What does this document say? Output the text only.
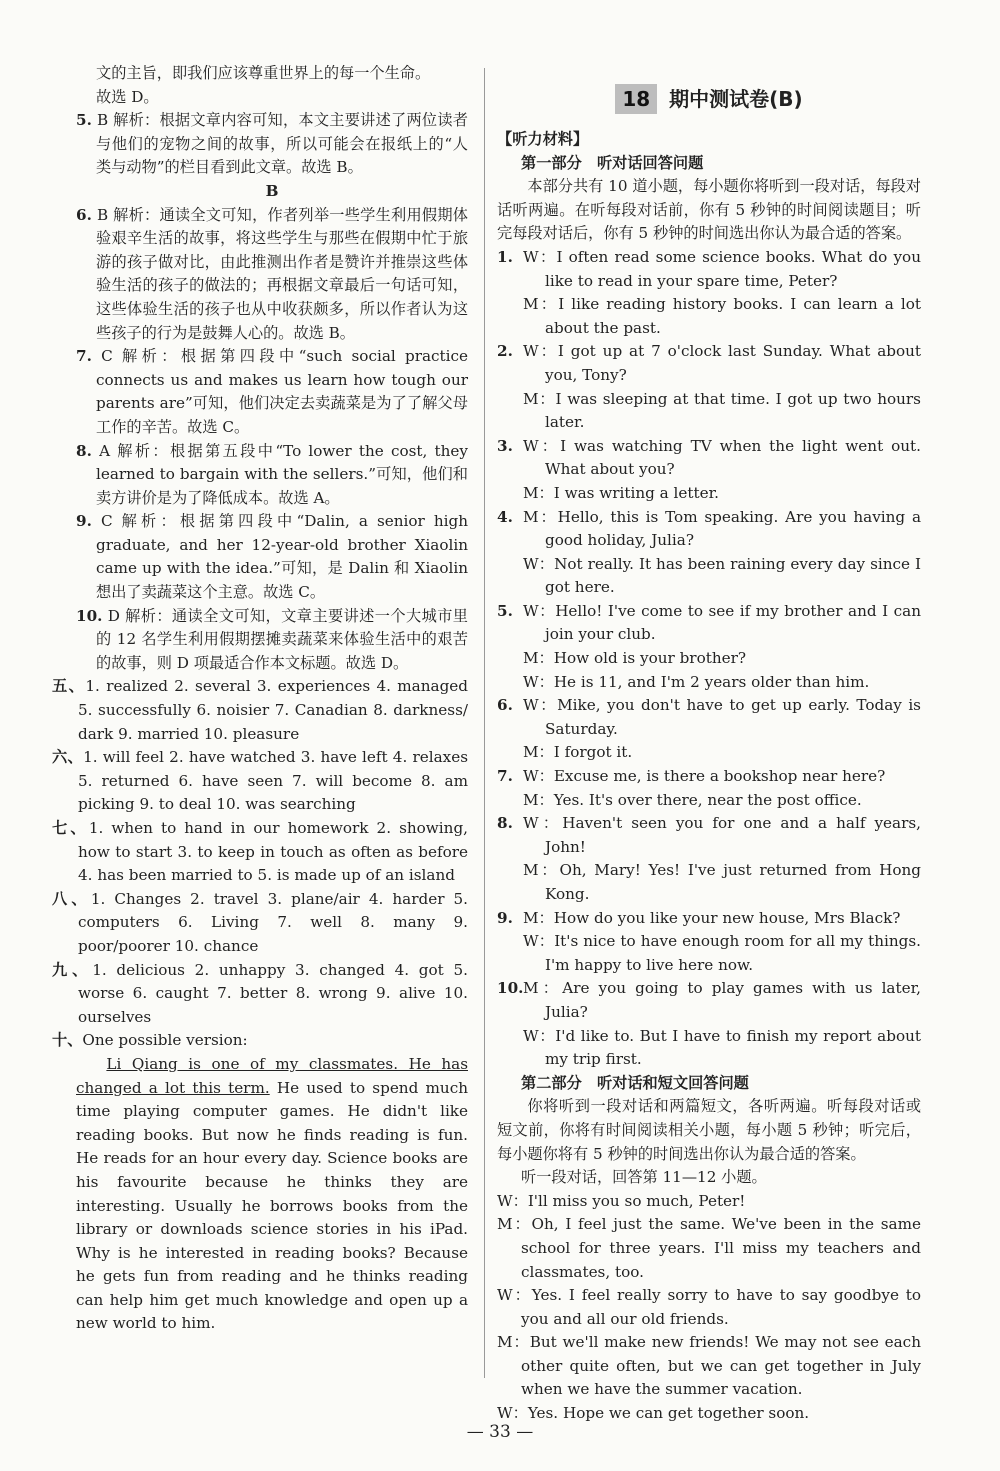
文的主旨，即我们应该尊重世界上的每一个生命。

故选 D。

5. B 解析：根据文章内容可知，本文主要讲述了两位读者与他们的宠物之间的故事，所以可能会在报纸上的“人类与动物”的栏目看到此文章。故选 B。

B

6. B 解析：通读全文可知，作者列举一些学生利用假期体验艰辛生活的故事，将这些学生与那些在假期中忙于旅游的孩子做对比，由此推测出作者是赞许并推崇这些体验生活的孩子的做法的；再根据文章最后一句话可知，这些体验生活的孩子也从中收获颇多，所以作者认为这些孩子的行为是鼓舞人心的。故选 B。

7. C 解析：根据第四段中“such social practice connects us and makes us learn how tough our parents are”可知，他们决定去卖蔬菜是为了了解父母工作的辛苦。故选 C。

8. A 解析：根据第五段中“To lower the cost, they learned to bargain with the sellers.”可知，他们和卖方讲价是为了降低成本。故选 A。

9. C 解析：根据第四段中“Dalin, a senior high graduate, and her 12-year-old brother Xiaolin came up with the idea.”可知，是 Dalin 和 Xiaolin 想出了卖蔬菜这个主意。故选 C。

10. D 解析：通读全文可知，文章主要讲述一个大城市里的 12 名学生利用假期摆摊卖蔬菜来体验生活中的艰苦的故事，则 D 项最适合作本文标题。故选 D。

五、1. realized 2. several 3. experiences 4. managed 5. successfully 6. noisier 7. Canadian 8. darkness/ dark 9. married 10. pleasure

六、1. will feel 2. have watched 3. have left 4. relaxes 5. returned 6. have seen 7. will become 8. am picking 9. to deal 10. was searching

七、1. when to hand in our homework 2. showing, how to start 3. to keep in touch as often as before 4. has been married to 5. is made up of an island

八、1. Changes 2. travel 3. plane/air 4. harder 5. computers 6. Living 7. well 8. many 9. poor/poorer 10. chance

九、1. delicious 2. unhappy 3. changed 4. got 5. worse 6. caught 7. better 8. wrong 9. alive 10. ourselves

十、One possible version:

Li Qiang is one of my classmates. He has changed a lot this term. He used to spend much time playing computer games. He didn't like reading books. But now he finds reading is fun. He reads for an hour every day. Science books are his favourite because he thinks they are interesting. Usually he borrows books from the library or downloads science stories in his iPad. Why is he interested in reading books? Because he gets fun from reading and he thinks reading can help him get much knowledge and open up a new world to him.

18 期中测试卷(B)

【听力材料】

第一部分　听对话回答问题

本部分共有 10 道小题，每小题你将听到一段对话，每段对话听两遍。在听每段对话前，你有 5 秒钟的时间阅读题目；听完每段对话后，你有 5 秒钟的时间选出你认为最合适的答案。

1. W：I often read some science books. What do you like to read in your spare time, Peter?

M：I like reading history books. I can learn a lot about the past.

2. W：I got up at 7 o'clock last Sunday. What about you, Tony?

M：I was sleeping at that time. I got up two hours later.

3. W：I was watching TV when the light went out. What about you?

M：I was writing a letter.

4. M：Hello, this is Tom speaking. Are you having a good holiday, Julia?

W：Not really. It has been raining every day since I got here.

5. W：Hello! I've come to see if my brother and I can join your club.

M：How old is your brother?

W：He is 11, and I'm 2 years older than him.

6. W：Mike, you don't have to get up early. Today is Saturday.

M：I forgot it.

7. W：Excuse me, is there a bookshop near here?

M：Yes. It's over there, near the post office.

8. W：Haven't seen you for one and a half years, John!

M：Oh, Mary! Yes! I've just returned from Hong Kong.

9. M：How do you like your new house, Mrs Black?

W：It's nice to have enough room for all my things. I'm happy to live here now.

10.M：Are you going to play games with us later, Julia?

W：I'd like to. But I have to finish my report about my trip first.

第二部分　听对话和短文回答问题

你将听到一段对话和两篇短文，各听两遍。听每段对话或短文前，你将有时间阅读相关小题，每小题 5 秒钟；听完后，每小题你将有 5 秒钟的时间选出你认为最合适的答案。

听一段对话，回答第 11—12 小题。

W：I'll miss you so much, Peter!

M：Oh, I feel just the same. We've been in the same school for three years. I'll miss my teachers and classmates, too.

W：Yes. I feel really sorry to have to say goodbye to you and all our old friends.

M：But we'll make new friends! We may not see each other quite often, but we can get together in July when we have the summer vacation.

W：Yes. Hope we can get together soon.

— 33 —
